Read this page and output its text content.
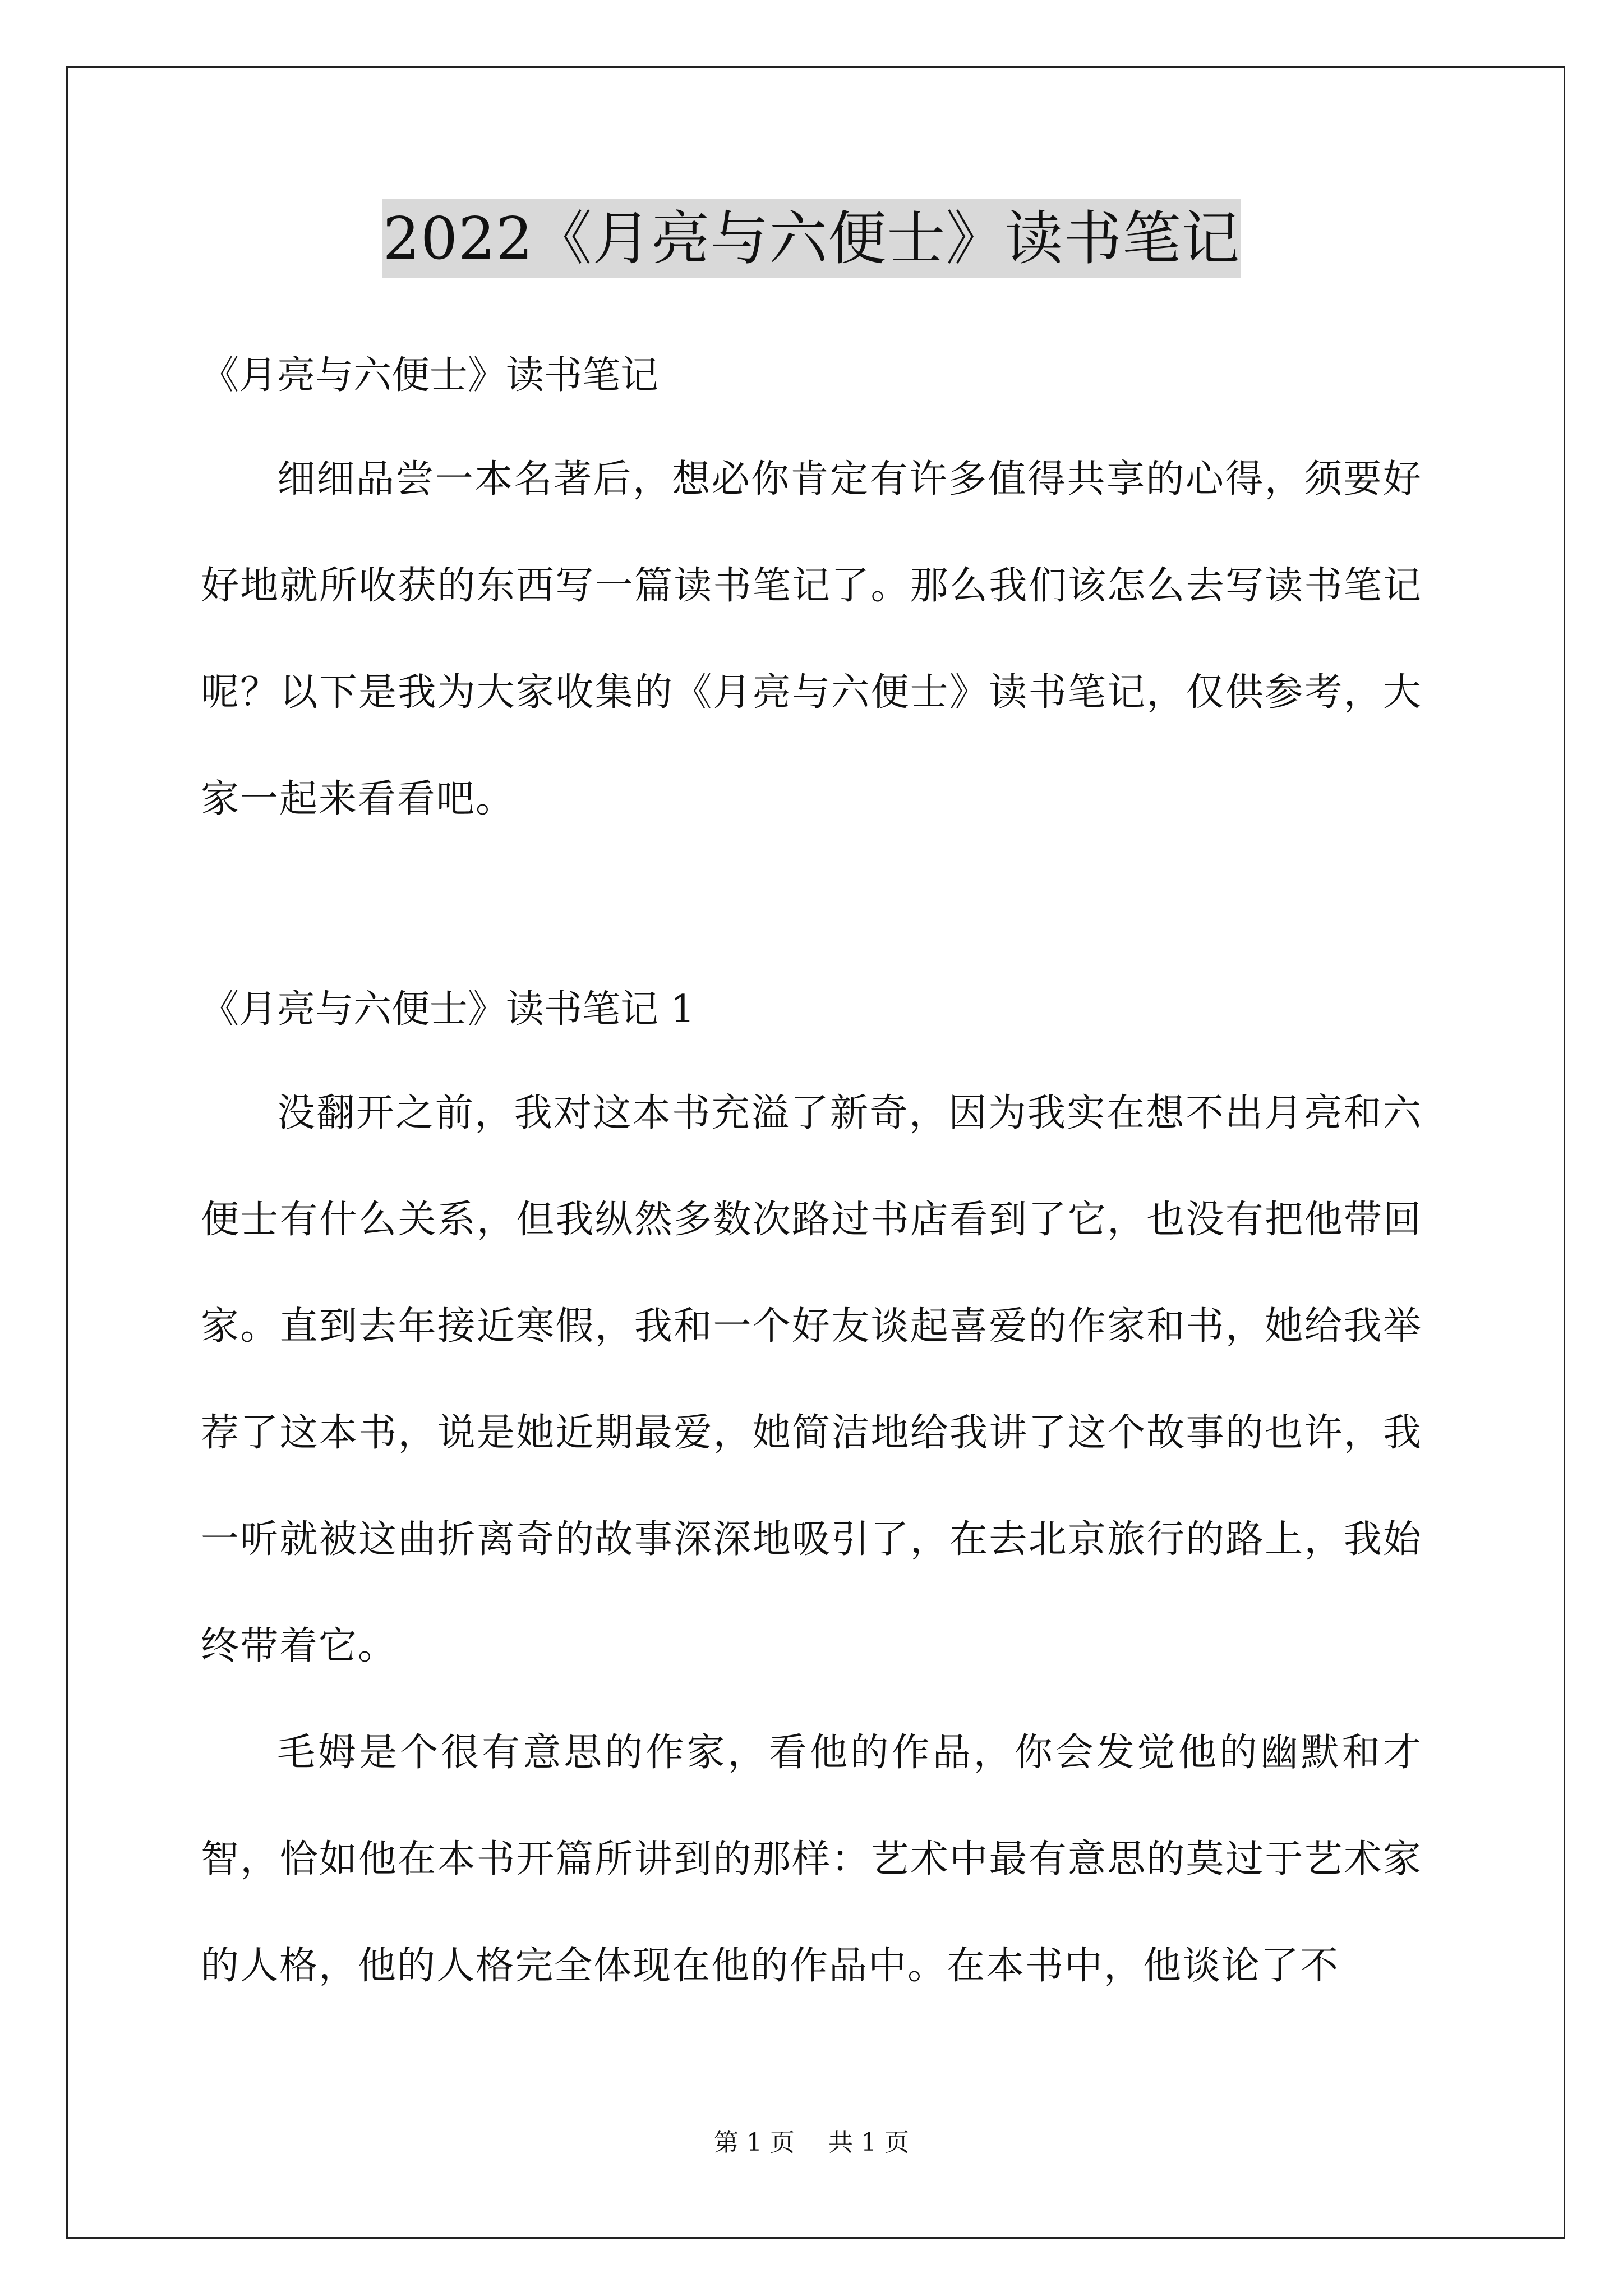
2022《月亮与六便士》读书笔记

《月亮与六便士》读书笔记

细细品尝一本名著后，想必你肯定有许多值得共享的心得，须要好好地就所收获的东西写一篇读书笔记了。那么我们该怎么去写读书笔记呢？以下是我为大家收集的《月亮与六便士》读书笔记，仅供参考，大家一起来看看吧。

《月亮与六便士》读书笔记 1

没翻开之前，我对这本书充溢了新奇，因为我实在想不出月亮和六便士有什么关系，但我纵然多数次路过书店看到了它，也没有把他带回家。直到去年接近寒假，我和一个好友谈起喜爱的作家和书，她给我举荐了这本书，说是她近期最爱，她简洁地给我讲了这个故事的也许，我一听就被这曲折离奇的故事深深地吸引了，在去北京旅行的路上，我始终带着它。

毛姆是个很有意思的作家，看他的作品，你会发觉他的幽默和才智，恰如他在本书开篇所讲到的那样：艺术中最有意思的莫过于艺术家的人格，他的人格完全体现在他的作品中。在本书中，他谈论了不

第 1 页 共 1 页
